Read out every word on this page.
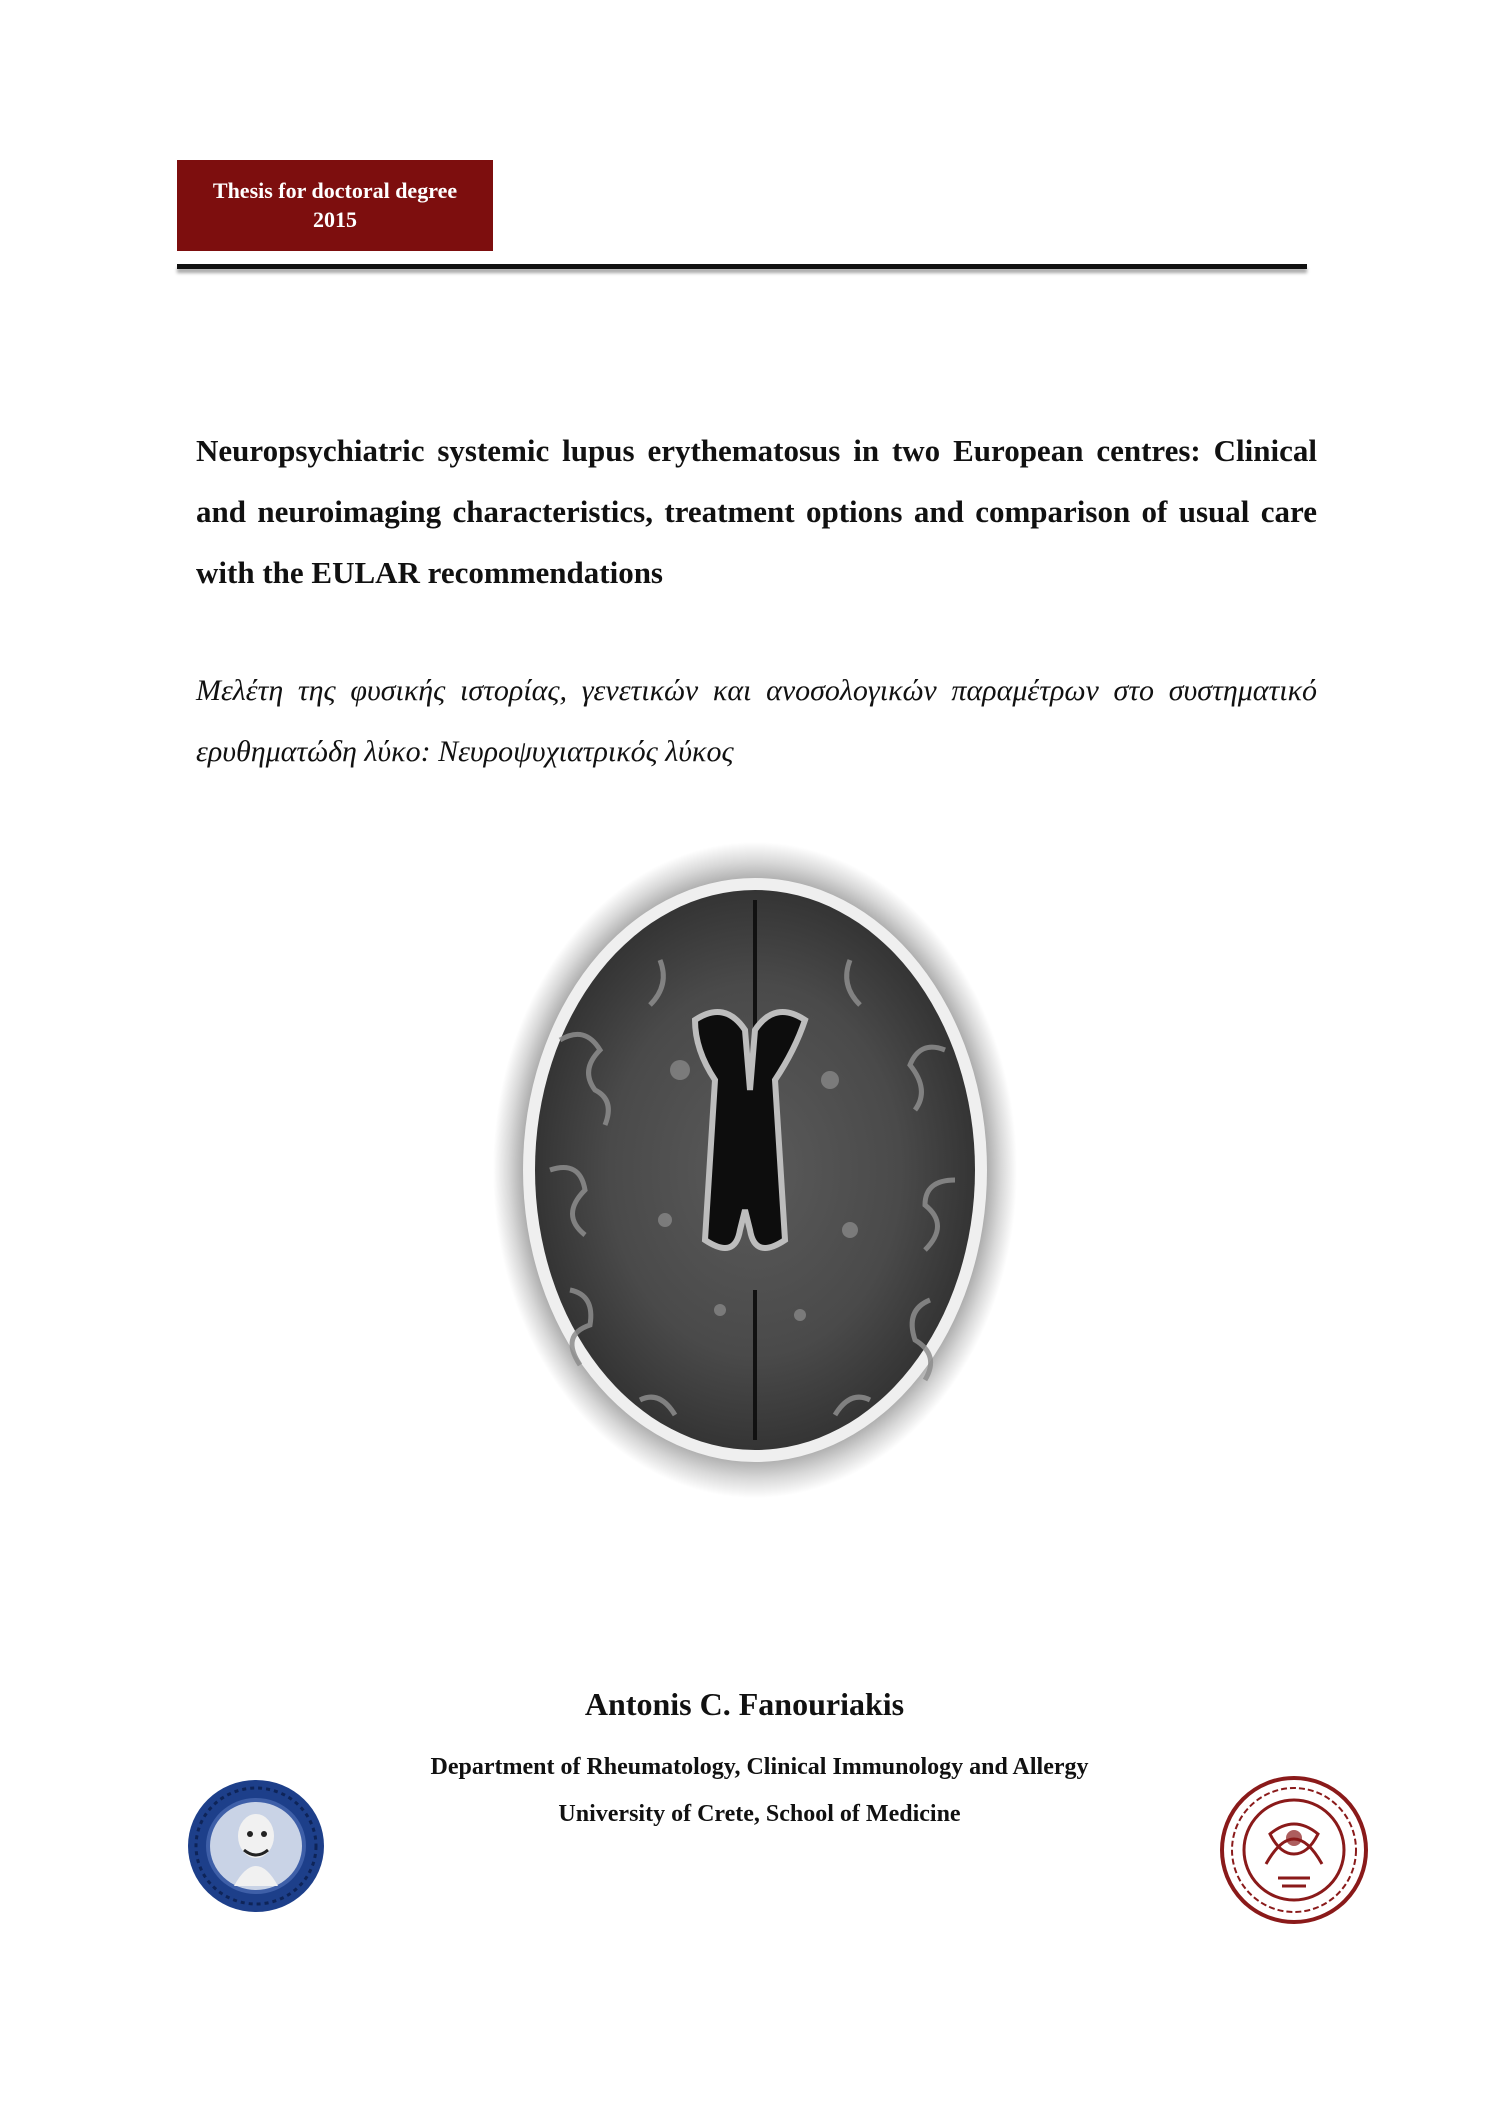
Thesis for doctoral degree
2015

Neuropsychiatric systemic lupus erythematosus in two European centres: Clinical and neuroimaging characteristics, treatment options and comparison of usual care with the EULAR recommendations

Μελέτη της φυσικής ιστορίας, γενετικών και ανοσολογικών παραμέτρων στο συστηματικό ερυθηματώδη λύκο: Νευροψυχιατρικός λύκος

Antonis C. Fanouriakis
Department of Rheumatology, Clinical Immunology and Allergy
University of Crete, School of Medicine
